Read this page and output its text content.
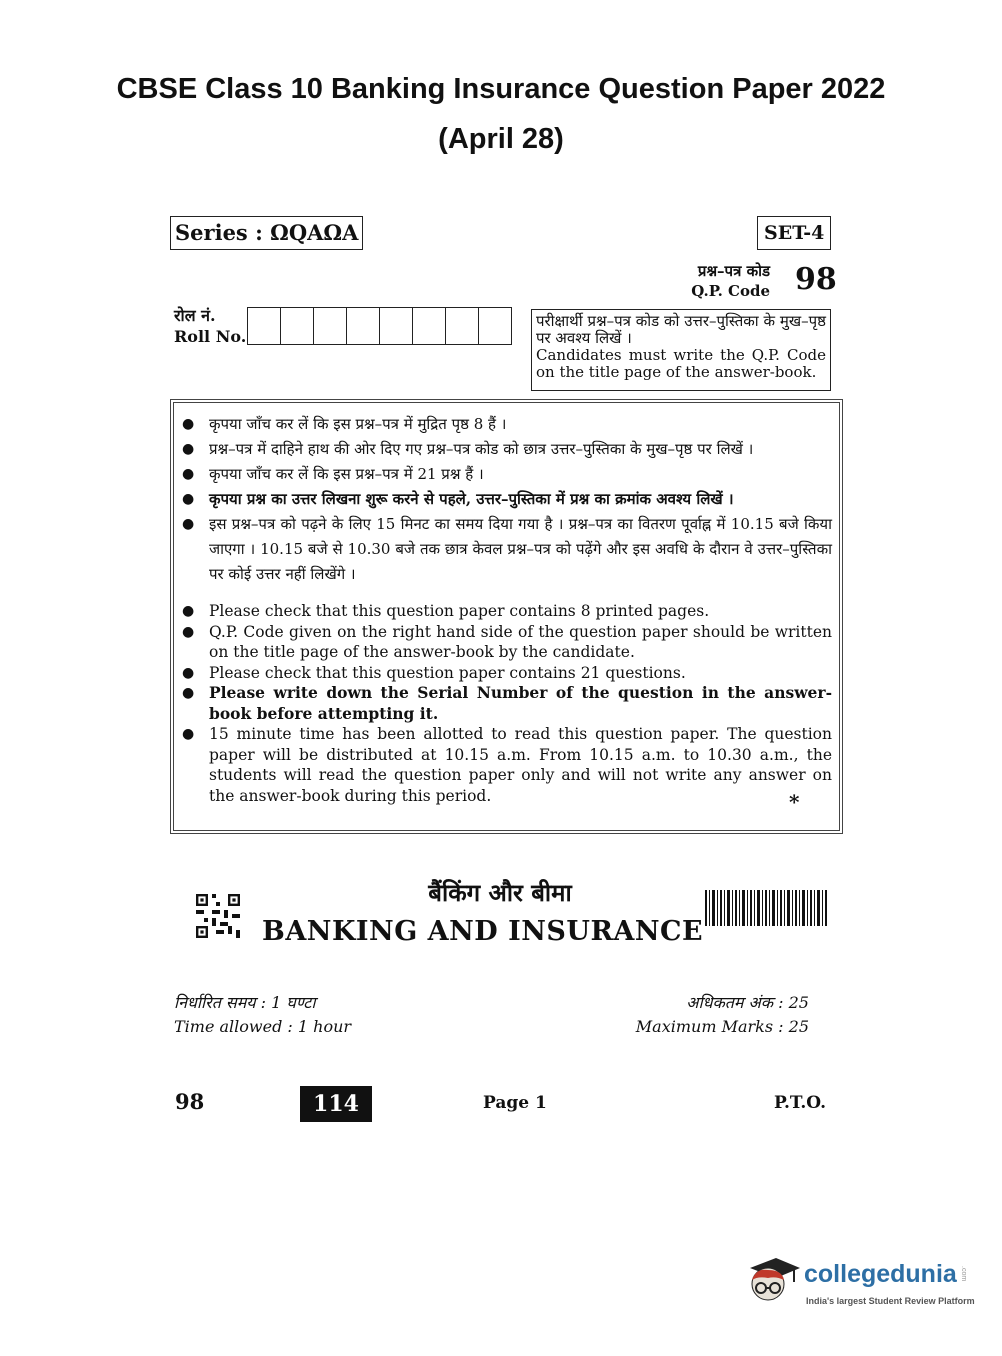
CBSE Class 10 Banking Insurance Question Paper 2022
(April 28)
Series : ΩQAΩA	SET-4
प्रश्न–पत्र कोड
Q.P. Code 98
रोल नं.
Roll No.
परीक्षार्थी प्रश्न–पत्र कोड को उत्तर–पुस्तिका के मुख–पृष्ठ पर अवश्य लिखें ।
Candidates must write the Q.P. Code on the title page of the answer-book.
● कृपया जाँच कर लें कि इस प्रश्न–पत्र में मुद्रित पृष्ठ 8 हैं ।
● प्रश्न–पत्र में दाहिने हाथ की ओर दिए गए प्रश्न–पत्र कोड को छात्र उत्तर–पुस्तिका के मुख–पृष्ठ पर लिखें ।
● कृपया जाँच कर लें कि इस प्रश्न–पत्र में 21 प्रश्न हैं ।
● कृपया प्रश्न का उत्तर लिखना शुरू करने से पहले, उत्तर–पुस्तिका में प्रश्न का क्रमांक अवश्य लिखें ।
● इस प्रश्न–पत्र को पढ़ने के लिए 15 मिनट का समय दिया गया है । प्रश्न–पत्र का वितरण पूर्वाह्न में 10.15 बजे किया जाएगा । 10.15 बजे से 10.30 बजे तक छात्र केवल प्रश्न–पत्र को पढ़ेंगे और इस अवधि के दौरान वे उत्तर–पुस्तिका पर कोई उत्तर नहीं लिखेंगे ।
● Please check that this question paper contains 8 printed pages.
● Q.P. Code given on the right hand side of the question paper should be written on the title page of the answer-book by the candidate.
● Please check that this question paper contains 21 questions.
● Please write down the Serial Number of the question in the answer-book before attempting it.
● 15 minute time has been allotted to read this question paper. The question paper will be distributed at 10.15 a.m. From 10.15 a.m. to 10.30 a.m., the students will read the question paper only and will not write any answer on the answer-book during this period.	*
बैंकिंग और बीमा
BANKING AND INSURANCE
निर्धारित समय : 1 घण्टा
Time allowed : 1 hour
अधिकतम अंक : 25
Maximum Marks : 25
98	114	Page 1	P.T.O.
collegedunia .com
India's largest Student Review Platform
